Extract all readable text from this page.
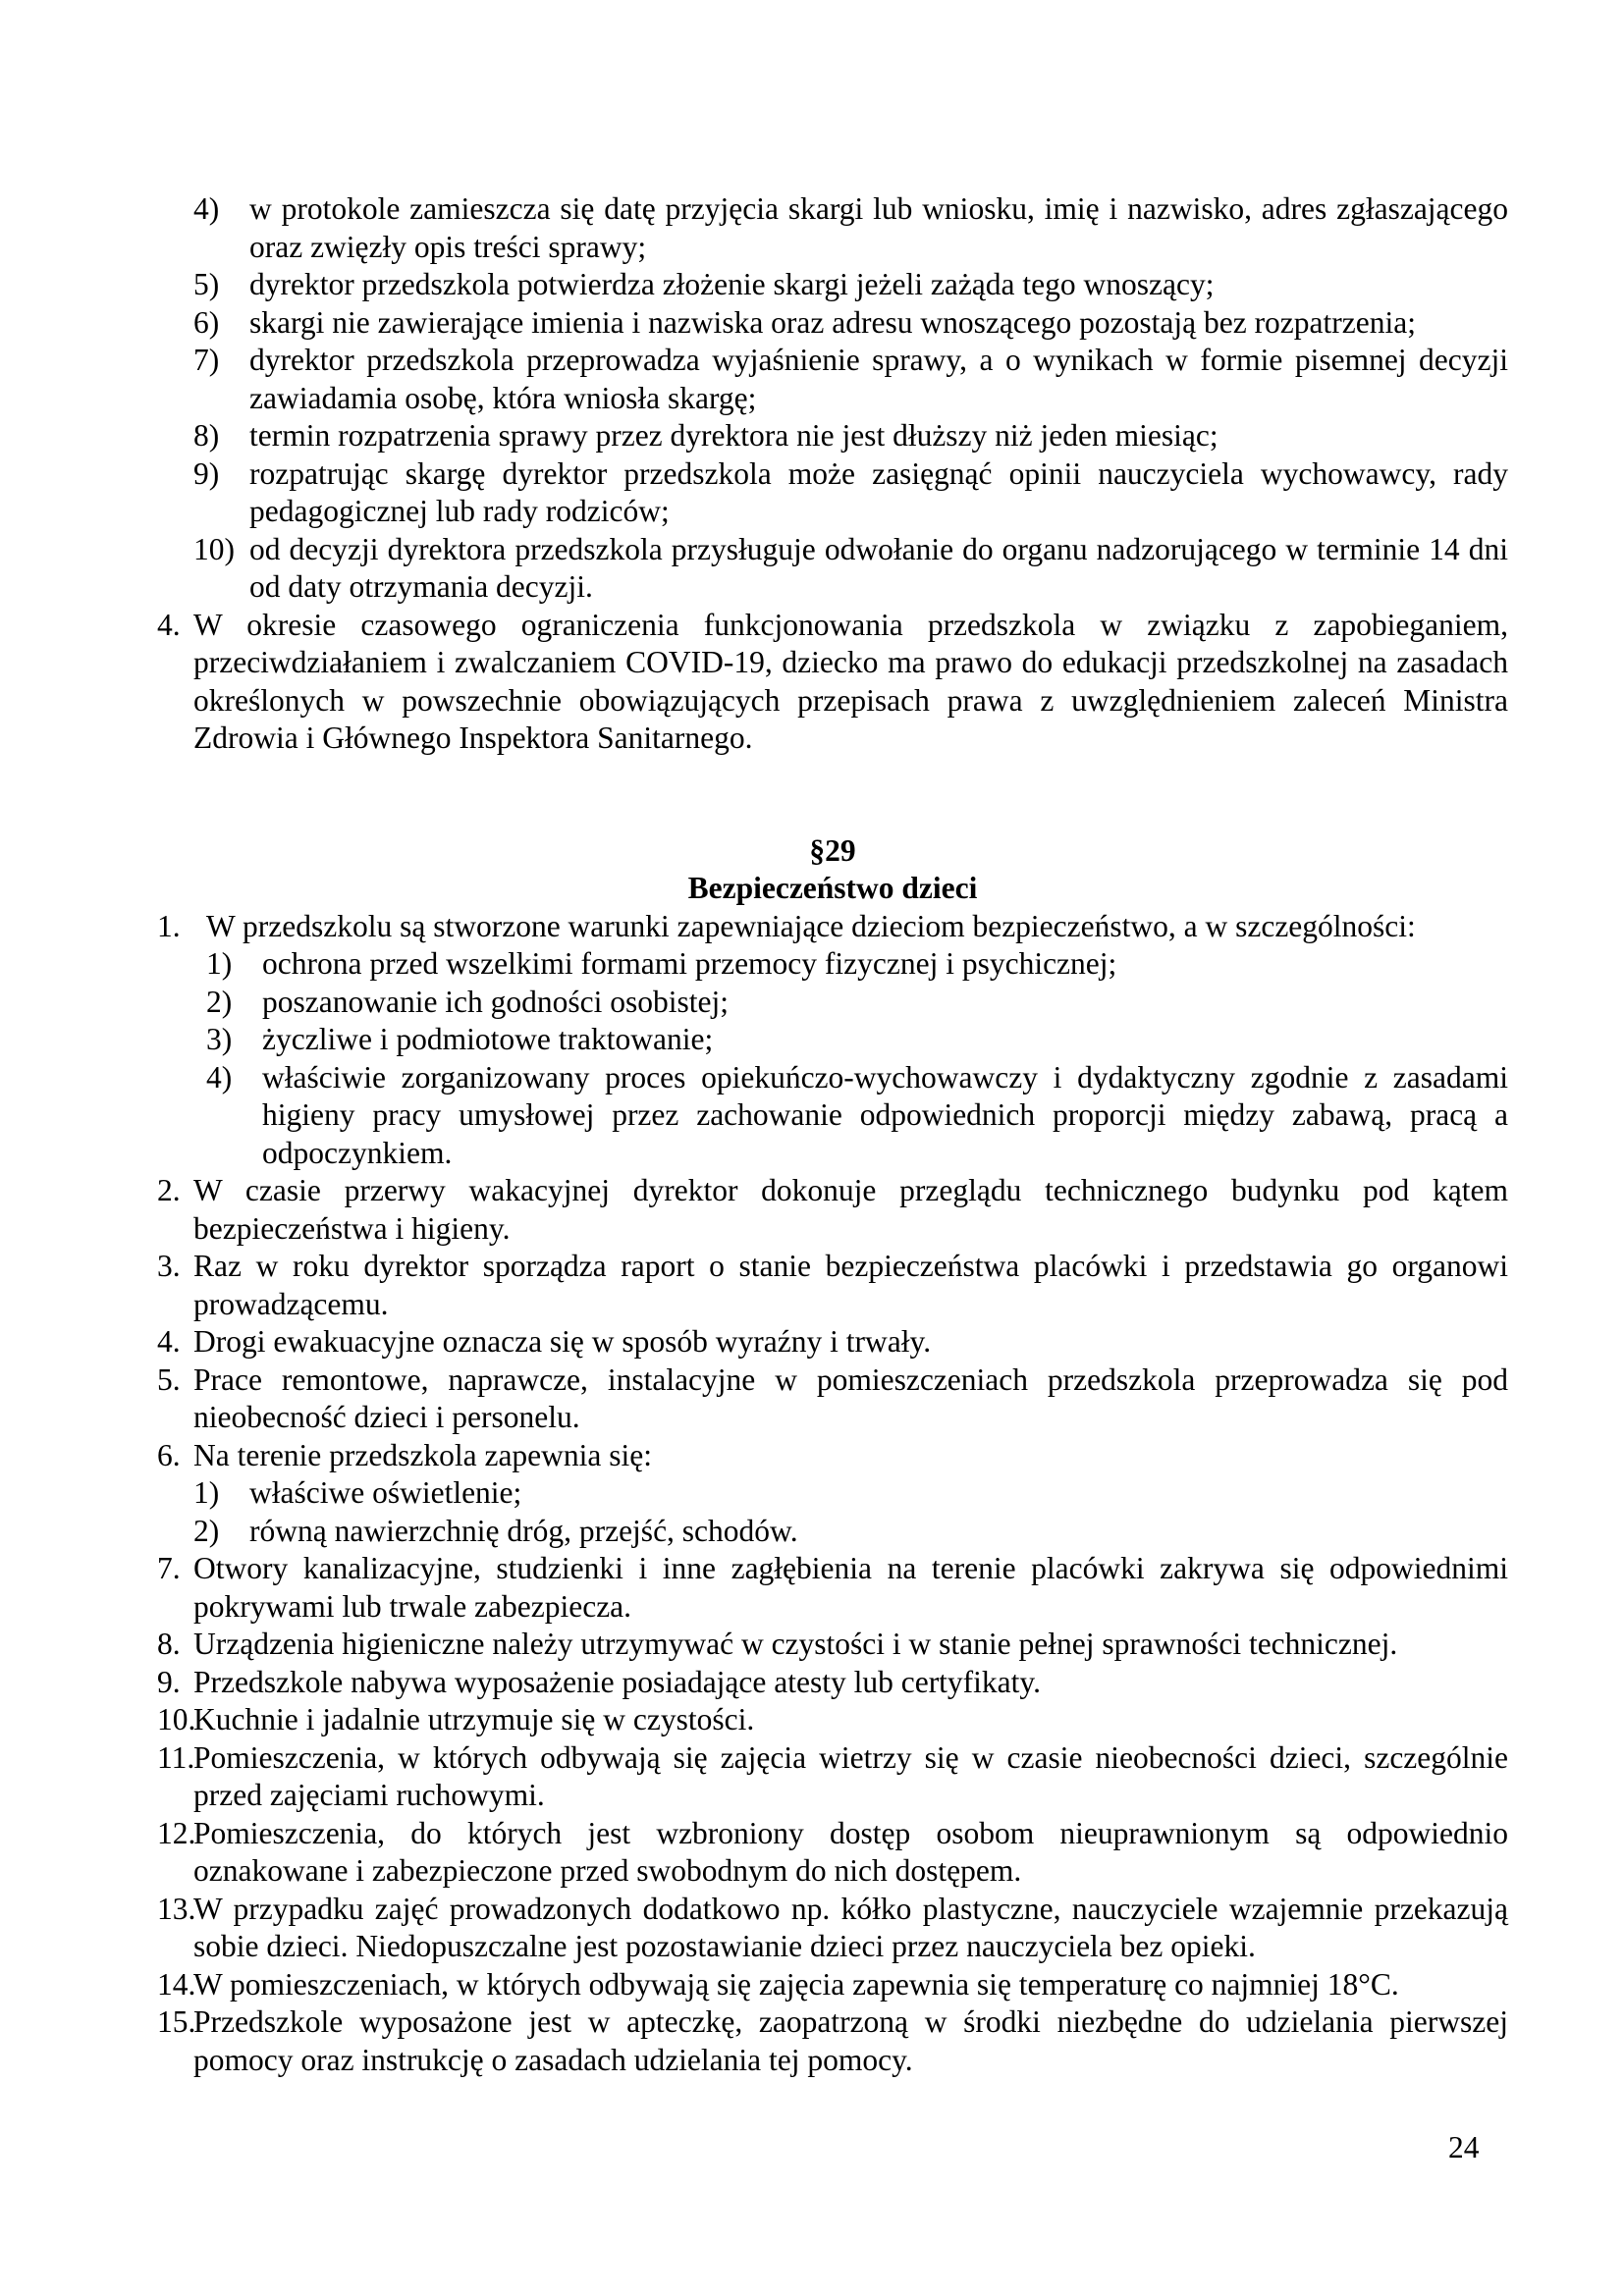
4) w protokole zamieszcza się datę przyjęcia skargi lub wniosku, imię i nazwisko, adres zgłaszającego oraz zwięzły opis treści sprawy;
5) dyrektor przedszkola potwierdza złożenie skargi jeżeli zażąda tego wnoszący;
6) skargi nie zawierające imienia i nazwiska oraz adresu wnoszącego pozostają bez rozpatrzenia;
7) dyrektor przedszkola przeprowadza wyjaśnienie sprawy, a o wynikach w formie pisemnej decyzji zawiadamia osobę, która wniosła skargę;
8) termin rozpatrzenia sprawy przez dyrektora nie jest dłuższy niż jeden miesiąc;
9) rozpatrując skargę dyrektor przedszkola może zasięgnąć opinii nauczyciela wychowawcy, rady pedagogicznej lub rady rodziców;
10) od decyzji dyrektora przedszkola przysługuje odwołanie do organu nadzorującego w terminie 14 dni od daty otrzymania decyzji.
4. W okresie czasowego ograniczenia funkcjonowania przedszkola w związku z zapobieganiem, przeciwdziałaniem i zwalczaniem COVID-19, dziecko ma prawo do edukacji przedszkolnej na zasadach określonych w powszechnie obowiązujących przepisach prawa z uwzględnieniem zaleceń Ministra Zdrowia i Głównego Inspektora Sanitarnego.
§29
Bezpieczeństwo dzieci
1. W przedszkolu są stworzone warunki zapewniające dzieciom bezpieczeństwo, a w szczególności:
1) ochrona przed wszelkimi formami przemocy fizycznej i psychicznej;
2) poszanowanie ich godności osobistej;
3) życzliwe i podmiotowe traktowanie;
4) właściwie zorganizowany proces opiekuńczo-wychowawczy i dydaktyczny zgodnie z zasadami higieny pracy umysłowej przez zachowanie odpowiednich proporcji między zabawą, pracą a odpoczynkiem.
2. W czasie przerwy wakacyjnej dyrektor dokonuje przeglądu technicznego budynku pod kątem bezpieczeństwa i higieny.
3. Raz w roku dyrektor sporządza raport o stanie bezpieczeństwa placówki i przedstawia go organowi prowadzącemu.
4. Drogi ewakuacyjne oznacza się w sposób wyraźny i trwały.
5. Prace remontowe, naprawcze, instalacyjne w pomieszczeniach przedszkola przeprowadza się pod nieobecność dzieci i personelu.
6. Na terenie przedszkola zapewnia się:
1) właściwe oświetlenie;
2) równą nawierzchnię dróg, przejść, schodów.
7. Otwory kanalizacyjne, studzienki i inne zagłębienia na terenie placówki zakrywa się odpowiednimi pokrywami lub trwale zabezpiecza.
8. Urządzenia higieniczne należy utrzymywać w czystości i w stanie pełnej sprawności technicznej.
9. Przedszkole nabywa wyposażenie posiadające atesty lub certyfikaty.
10.
Kuchnie i jadalnie utrzymuje się w czystości.
11.
Pomieszczenia, w których odbywają się zajęcia wietrzy się w czasie nieobecności dzieci, szczególnie przed zajęciami ruchowymi.
12.
Pomieszczenia, do których jest wzbroniony dostęp osobom nieuprawnionym są odpowiednio oznakowane i zabezpieczone przed swobodnym do nich dostępem.
13.
W przypadku zajęć prowadzonych dodatkowo np. kółko plastyczne, nauczyciele wzajemnie przekazują sobie dzieci. Niedopuszczalne jest pozostawianie dzieci przez nauczyciela bez opieki.
14.
W pomieszczeniach, w których odbywają się zajęcia zapewnia się temperaturę co najmniej 18°C.
15.
Przedszkole wyposażone jest w apteczkę, zaopatrzoną w środki niezbędne do udzielania pierwszej pomocy oraz instrukcję o zasadach udzielania tej pomocy.
24
